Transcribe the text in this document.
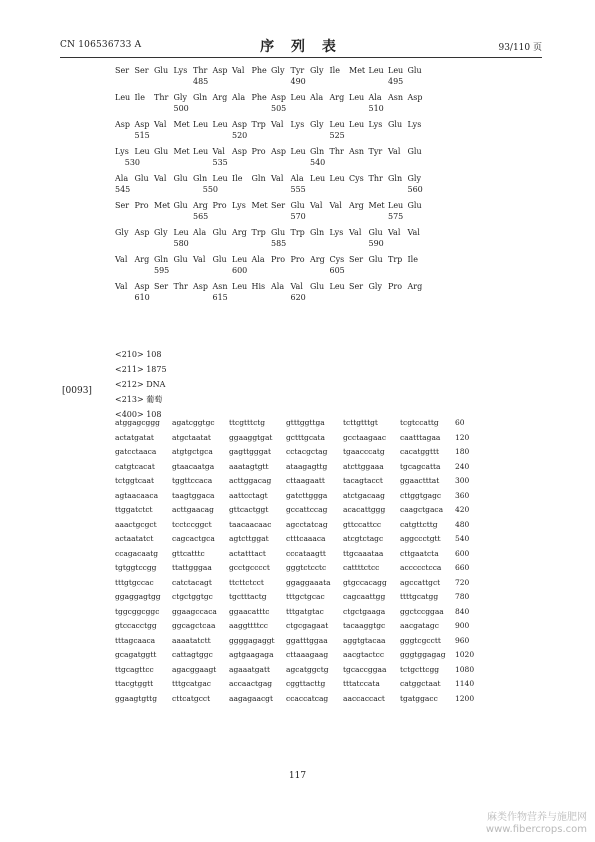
CN 106536733 A	序 列 表	93/110 页
Ser Ser Glu Lys Thr Asp Val Phe Gly Tyr Gly Ile Met Leu Leu Glu
485	490	495
Leu Ile Thr Gly Gln Arg Ala Phe Asp Leu Ala Arg Leu Ala Asn Asp
500	505	510
Asp Asp Val Met Leu Leu Asp Trp Val Lys Gly Leu Leu Lys Glu Lys
515	520	525
Lys Leu Glu Met Leu Val Asp Pro Asp Leu Gln Thr Asn Tyr Val Glu
530	535	540
Ala Glu Val Glu Gln Leu Ile Gln Val Ala Leu Leu Cys Thr Gln Gly
545	550	555	560
Ser Pro Met Glu Arg Pro Lys Met Ser Glu Val Val Arg Met Leu Glu
565	570	575
Gly Asp Gly Leu Ala Glu Arg Trp Glu Trp Gln Lys Val Glu Val Val
580	585	590
Val Arg Gln Glu Val Glu Leu Ala Pro Pro Arg Cys Ser Glu Trp Ile
595	600	605
Val Asp Ser Thr Asp Asn Leu His Ala Val Glu Leu Ser Gly Pro Arg
610	615	620
<210> 108
<211> 1875
<212> DNA
<213> 葡萄
<400> 108
[0093]
atggagcggg agatcggtgc ttcgtttctg	gtttggttga tcttgtttgt	tcgtccattg 60
actatgatat atgctaatat ggaaggtgat gctttgcata gcctaagaac caatttagaa 120
gatcctaaca atgtgctgca gagttgggat cctacgctag tgaacccatg cacatggttt 180
catgtcacat gtaacaatga aaatagtgtt ataagagttg atcttggaaa tgcagcatta 240
tctggtcaat tggttccaca acttggacag cttaagaatt tacagtacct ggaactttat 300
agtaacaaca taagtggaca aattcctagt gatcttggga atctgacaag cttggtgagc 360
ttggatctct	acttgaacag gttcactggt gccattccag acacattggg caagctgaca 420
aaactgcgct tcctccggct taacaacaac agcctatcag gttccattcc	catgttcttg 480
actaatatct cagcactgca agtcttggat ctttcaaaca atcgtctagc aggccctgtt 540
ccagacaatg gttcatttc	actatttact	cccataagtt ttgcaaataa cttgaatcta 600
tgtggtccgg ttattgggaa gcctgcccct gggtctcctc cattttctcc	accccctcca 660
tttgtgccac catctacagt ttcttctcct	ggaggaaata gtgccacagg agccattgct 720
ggaggagtgg ctgctggtgc tgctttactg	tttgctgcac cagcaattgg ttttgcatgg 780
tggcggcggc ggaagccaca ggaacatttc tttgatgtac	ctgctgaaga ggctccggaa 840
gtccacctgg ggcagctcaa aaggttttcc ctgcgagaat tacaaggtgc aacgatagc 900
tttagcaaca aaaatatctt ggggagaggt ggatttggaa aggtgtacaa gggtcgcctt 960
gcagatggtt cattagtggc agtgaagaga cttaaagaag aacgtactcc gggtggagag 1020
ttgcagttcc agacggaagt agaaatgatt agcatggctg tgcaccggaa tctgcttcgg 1080
ttacgtggtt	tttgcatgac accaactgag cggttacttg tttatccata	catggctaat 1140
ggaagtgttg cttcatgcct	aagagaacgt ccaccatcag aaccaccact tgatggacc 1200
117
麻类作物营养与施肥网
www.fibercrops.com
